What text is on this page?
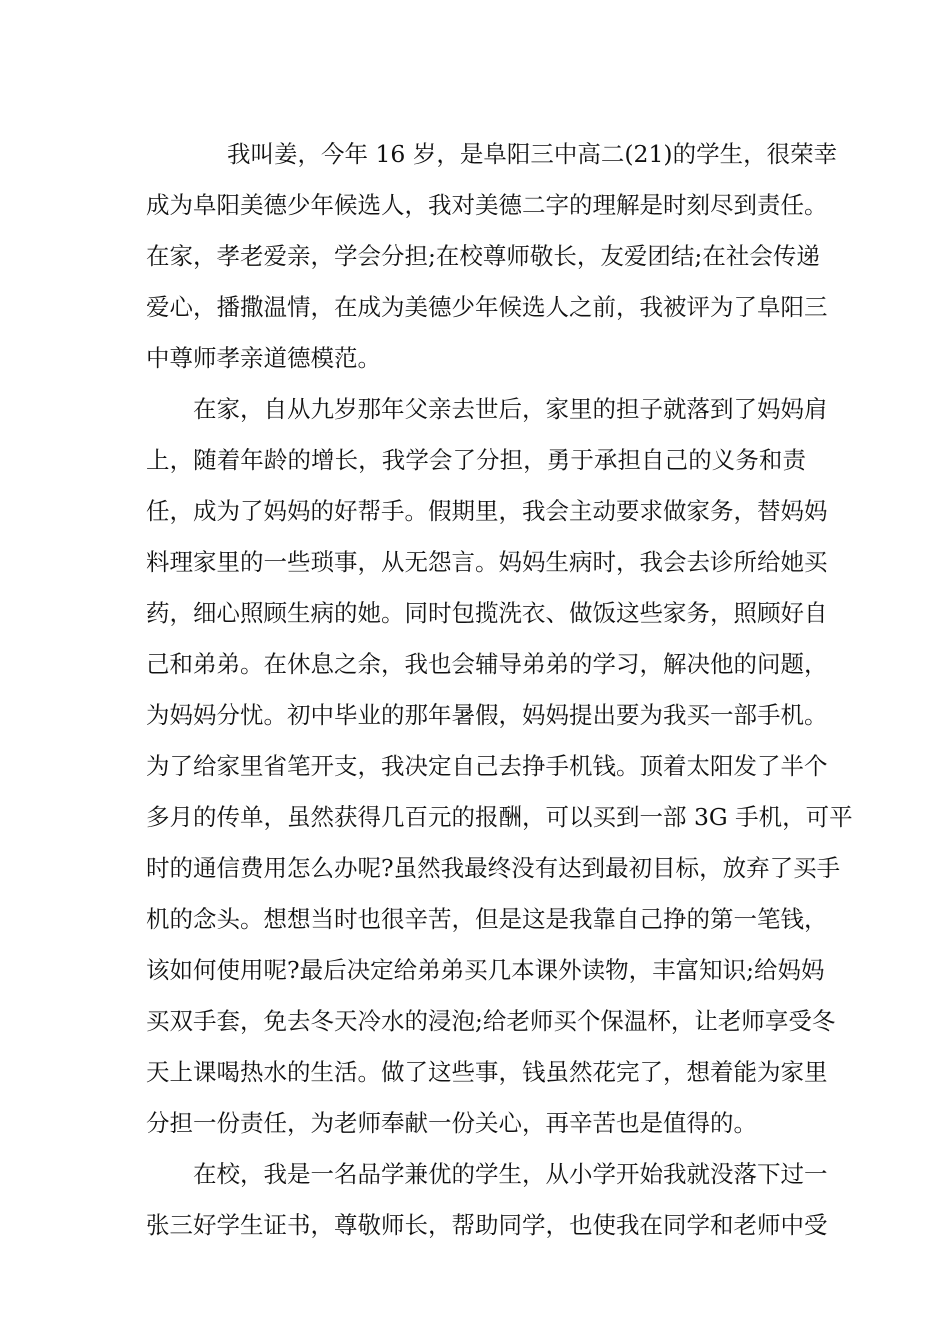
我叫姜，今年 16 岁，是阜阳三中高二(21)的学生，很荣幸
成为阜阳美德少年候选人，我对美德二字的理解是时刻尽到责任。
在家，孝老爱亲，学会分担;在校尊师敬长，友爱团结;在社会传递
爱心，播撒温情，在成为美德少年候选人之前，我被评为了阜阳三
中尊师孝亲道德模范。
在家，自从九岁那年父亲去世后，家里的担子就落到了妈妈肩
上，随着年龄的增长，我学会了分担，勇于承担自己的义务和责
任，成为了妈妈的好帮手。假期里，我会主动要求做家务，替妈妈
料理家里的一些琐事，从无怨言。妈妈生病时，我会去诊所给她买
药，细心照顾生病的她。同时包揽洗衣、做饭这些家务，照顾好自
己和弟弟。在休息之余，我也会辅导弟弟的学习，解决他的问题，
为妈妈分忧。初中毕业的那年暑假，妈妈提出要为我买一部手机。
为了给家里省笔开支，我决定自己去挣手机钱。顶着太阳发了半个
多月的传单，虽然获得几百元的报酬，可以买到一部 3G 手机，可平
时的通信费用怎么办呢?虽然我最终没有达到最初目标，放弃了买手
机的念头。想想当时也很辛苦，但是这是我靠自己挣的第一笔钱，
该如何使用呢?最后决定给弟弟买几本课外读物，丰富知识;给妈妈
买双手套，免去冬天冷水的浸泡;给老师买个保温杯，让老师享受冬
天上课喝热水的生活。做了这些事，钱虽然花完了，想着能为家里
分担一份责任，为老师奉献一份关心，再辛苦也是值得的。
在校，我是一名品学兼优的学生，从小学开始我就没落下过一
张三好学生证书，尊敬师长，帮助同学，也使我在同学和老师中受
